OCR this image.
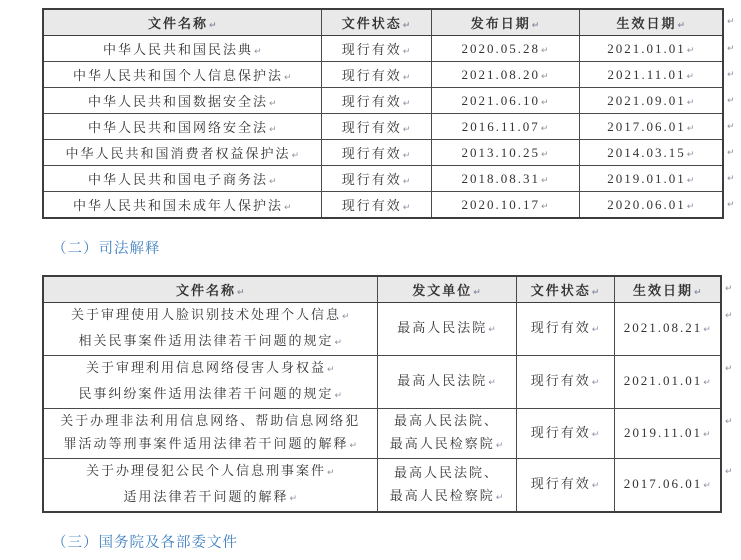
文件名称↵	文件状态↵	发布日期↵	生效日期↵
中华人民共和国民法典↵	现行有效↵	2020.05.28↵	2021.01.01↵
中华人民共和国个人信息保护法↵	现行有效↵	2021.08.20↵	2021.11.01↵
中华人民共和国数据安全法↵	现行有效↵	2021.06.10↵	2021.09.01↵
中华人民共和国网络安全法↵	现行有效↵	2016.11.07↵	2017.06.01↵
中华人民共和国消费者权益保护法↵	现行有效↵	2013.10.25↵	2014.03.15↵
中华人民共和国电子商务法↵	现行有效↵	2018.08.31↵	2019.01.01↵
中华人民共和国未成年人保护法↵	现行有效↵	2020.10.17↵	2020.06.01↵
（二）司法解释
文件名称↵	发文单位↵	文件状态↵	生效日期↵
关于审理使用人脸识别技术处理个人信息↵
相关民事案件适用法律若干问题的规定↵	最高人民法院↵	现行有效↵	2021.08.21↵
关于审理利用信息网络侵害人身权益↵
民事纠纷案件适用法律若干问题的规定↵	最高人民法院↵	现行有效↵	2021.01.01↵
关于办理非法利用信息网络、帮助信息网络犯
罪活动等刑事案件适用法律若干问题的解释↵	最高人民法院、
最高人民检察院↵	现行有效↵	2019.11.01↵
关于办理侵犯公民个人信息刑事案件↵
适用法律若干问题的解释↵	最高人民法院、
最高人民检察院↵	现行有效↵	2017.06.01↵
（三）国务院及各部委文件
↵
↵
↵
↵
↵
↵
↵
↵
↵
↵
↵
↵
↵
